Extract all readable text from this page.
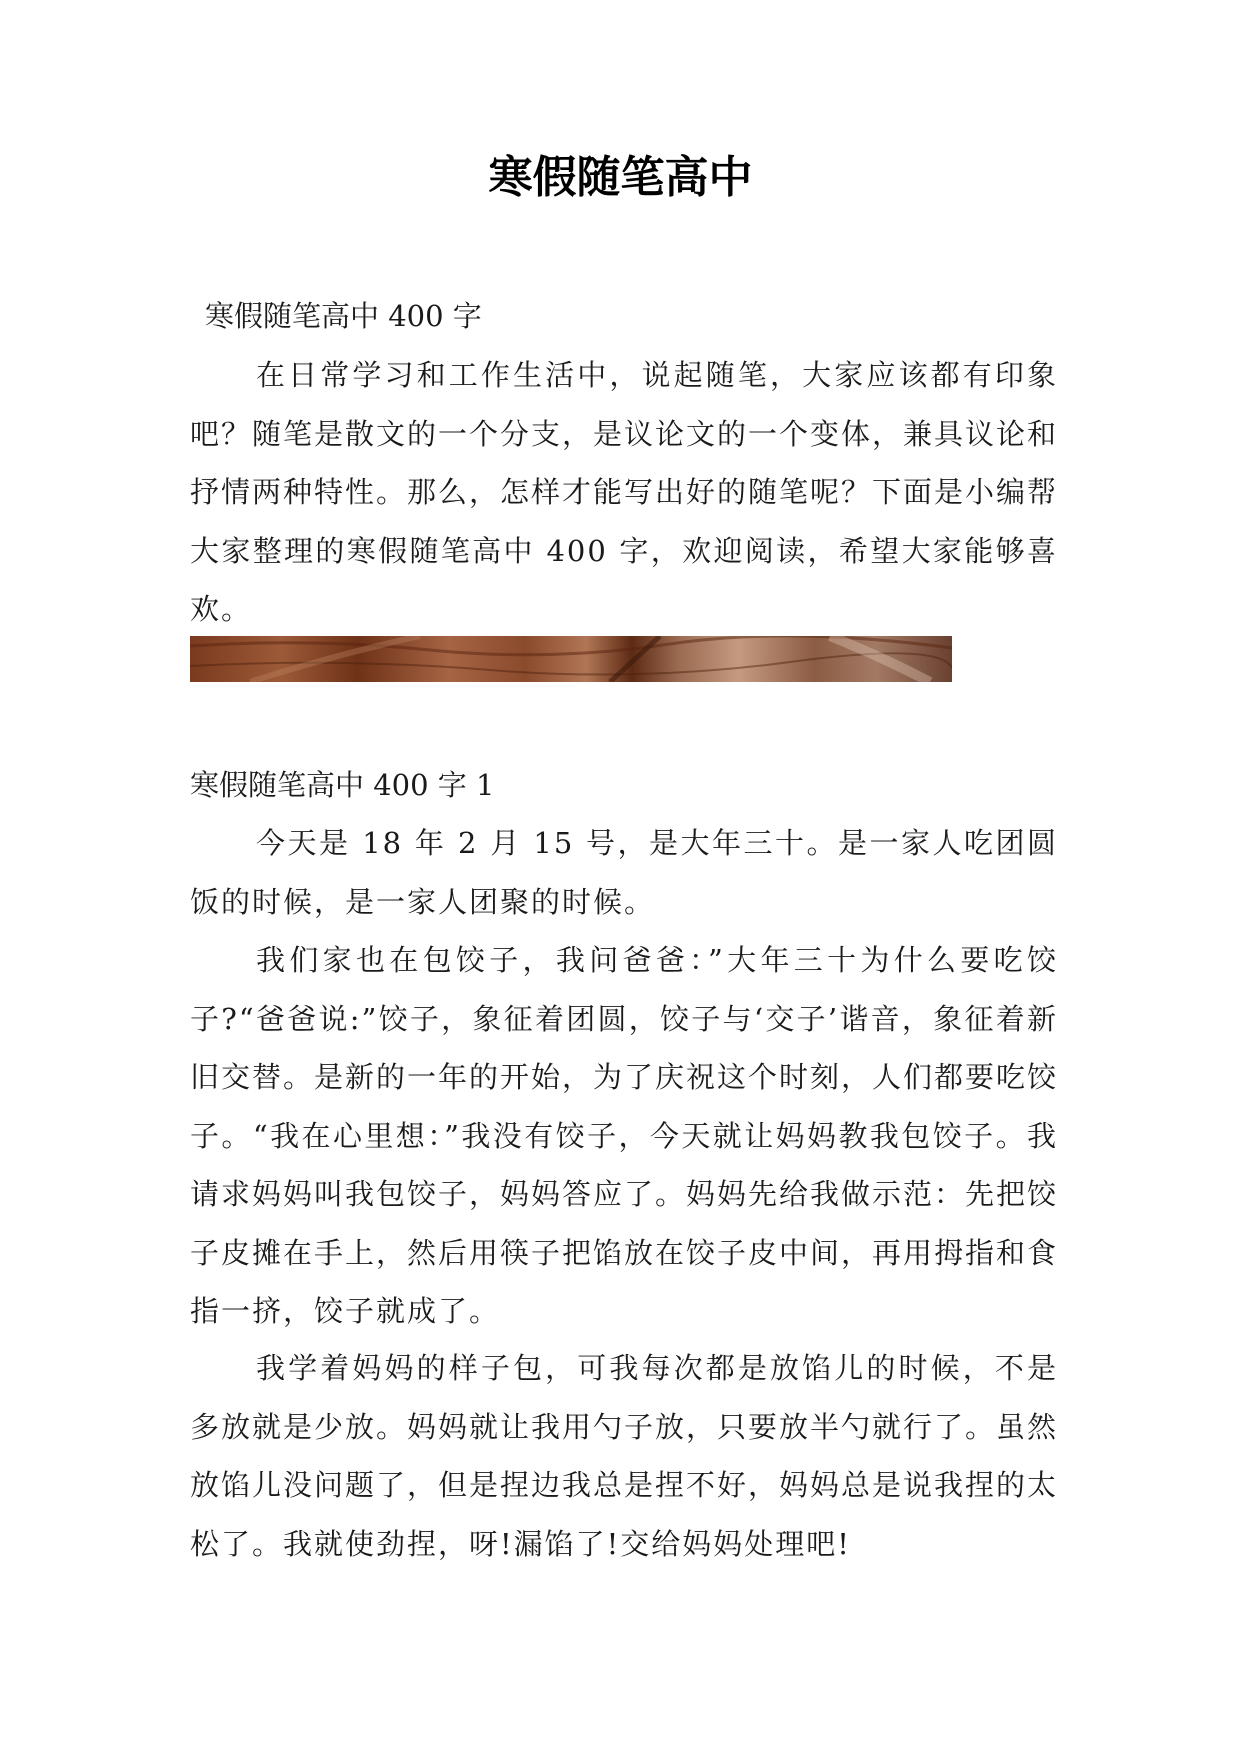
寒假随笔高中

寒假随笔高中 400 字

在日常学习和工作生活中，说起随笔，大家应该都有印象吧？随笔是散文的一个分支，是议论文的一个变体，兼具议论和抒情两种特性。那么，怎样才能写出好的随笔呢？下面是小编帮大家整理的寒假随笔高中 400 字，欢迎阅读，希望大家能够喜欢。

寒假随笔高中 400 字 1

今天是 18 年 2 月 15 号，是大年三十。是一家人吃团圆饭的时候，是一家人团聚的时候。

我们家也在包饺子，我问爸爸：”大年三十为什么要吃饺子?“爸爸说:”饺子，象征着团圆，饺子与‘交子’谐音，象征着新旧交替。是新的一年的开始，为了庆祝这个时刻，人们都要吃饺子。“我在心里想：”我没有饺子，今天就让妈妈教我包饺子。我请求妈妈叫我包饺子，妈妈答应了。妈妈先给我做示范：先把饺子皮摊在手上，然后用筷子把馅放在饺子皮中间，再用拇指和食指一挤，饺子就成了。

我学着妈妈的样子包，可我每次都是放馅儿的时候，不是多放就是少放。妈妈就让我用勺子放，只要放半勺就行了。虽然放馅儿没问题了，但是捏边我总是捏不好，妈妈总是说我捏的太松了。我就使劲捏，呀!漏馅了!交给妈妈处理吧!
